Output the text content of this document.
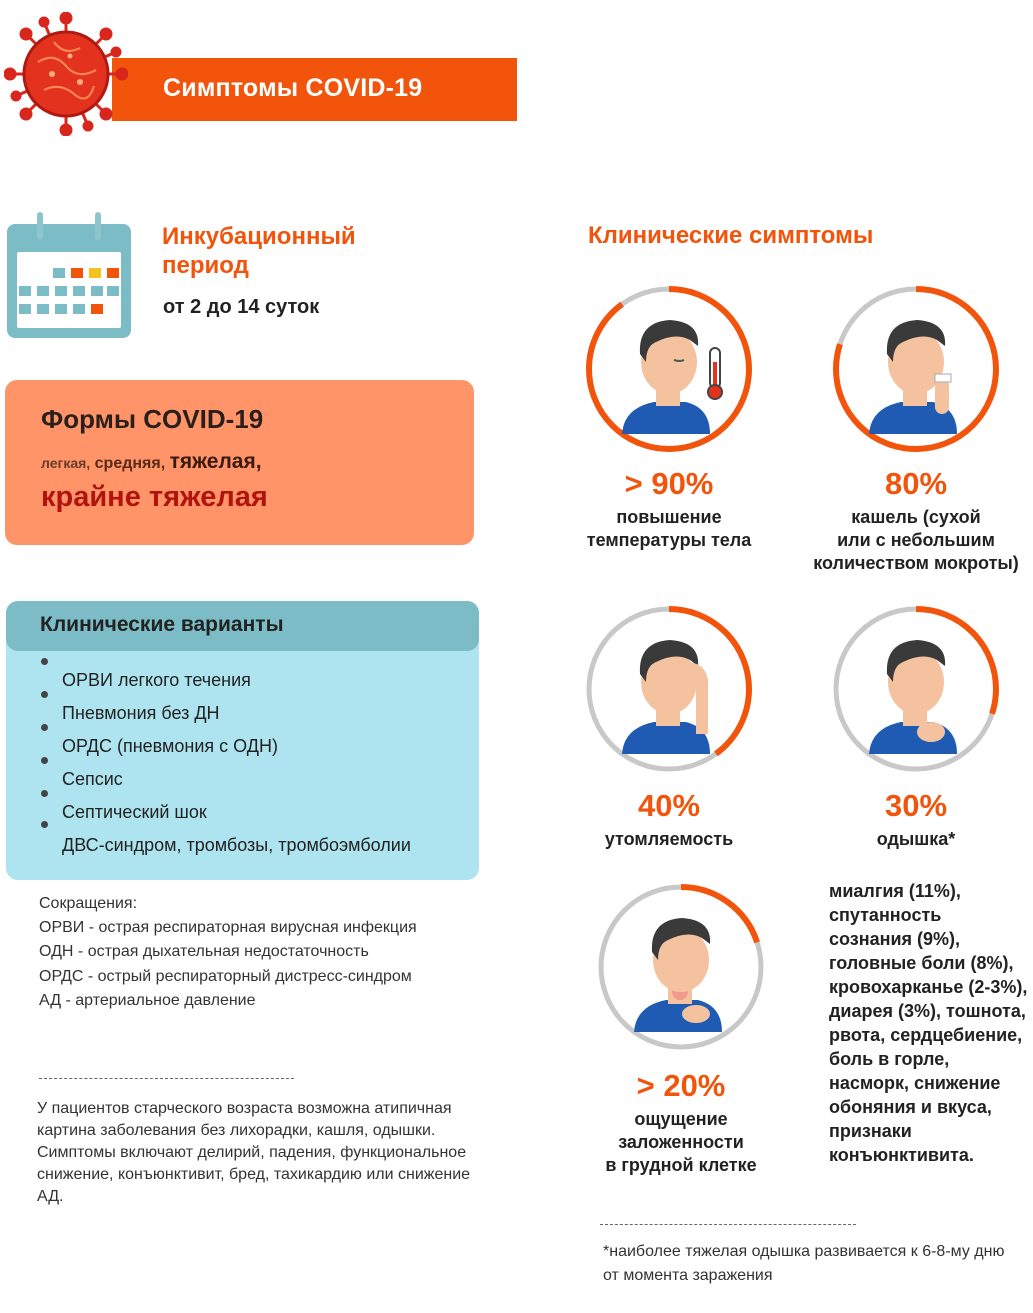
Симптомы COVID-19
Инкубационный период
от 2 до 14 суток
Формы COVID-19
легкая, средняя, тяжелая,
крайне тяжелая
Клинические варианты
ОРВИ легкого течения
Пневмония без ДН
ОРДС (пневмония с ОДН)
Сепсис
Септический шок
ДВС-синдром, тромбозы, тромбоэмболии
Сокращения:
ОРВИ - острая респираторная вирусная инфекция
ОДН - острая дыхательная недостаточность
ОРДС - острый респираторный дистресс-синдром
АД - артериальное давление
У пациентов старческого возраста возможна атипичная картина заболевания без лихорадки, кашля, одышки. Симптомы включают делирий, падения, функциональное снижение, конъюнктивит, бред, тахикардию или снижение АД.
Клинические симптомы
> 90%
повышение
температуры тела
80%
кашель (сухой
или с небольшим
количеством мокроты)
40%
утомляемость
30%
одышка*
> 20%
ощущение
заложенности
в грудной клетке
миалгия (11%), спутанность сознания (9%), головные боли (8%), кровохарканье (2-3%), диарея (3%), тошнота, рвота, сердцебиение, боль в горле, насморк, снижение обоняния и вкуса, признаки конъюнктивита.
*наиболее тяжелая одышка развивается к 6-8-му дню от момента заражения
